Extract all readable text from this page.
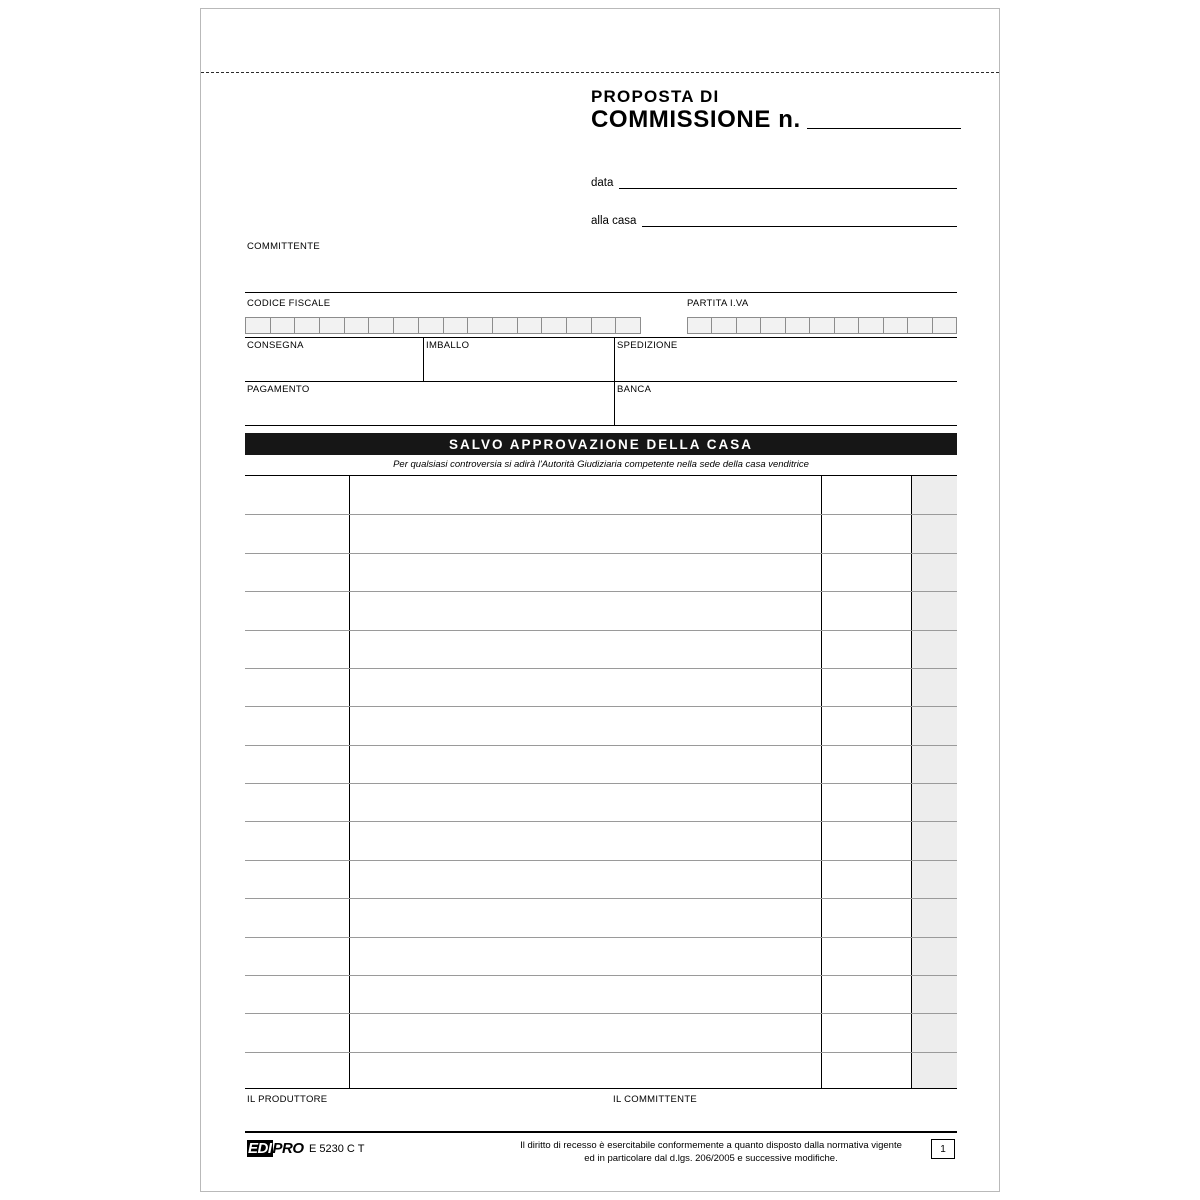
PROPOSTA DI
COMMISSIONE n.
data
alla casa
COMMITTENTE
CODICE FISCALE	PARTITA I.VA
CONSEGNA	IMBALLO	SPEDIZIONE
PAGAMENTO	BANCA
SALVO APPROVAZIONE DELLA CASA
Per qualsiasi controversia si adirà l'Autorità Giudiziaria competente nella sede della casa venditrice
IL PRODUTTORE	IL COMMITTENTE
EDIPRO E 5230 C T	Il diritto di recesso è esercitabile conformemente a quanto disposto dalla normativa vigente
ed in particolare dal d.lgs. 206/2005 e successive modifiche.
1
